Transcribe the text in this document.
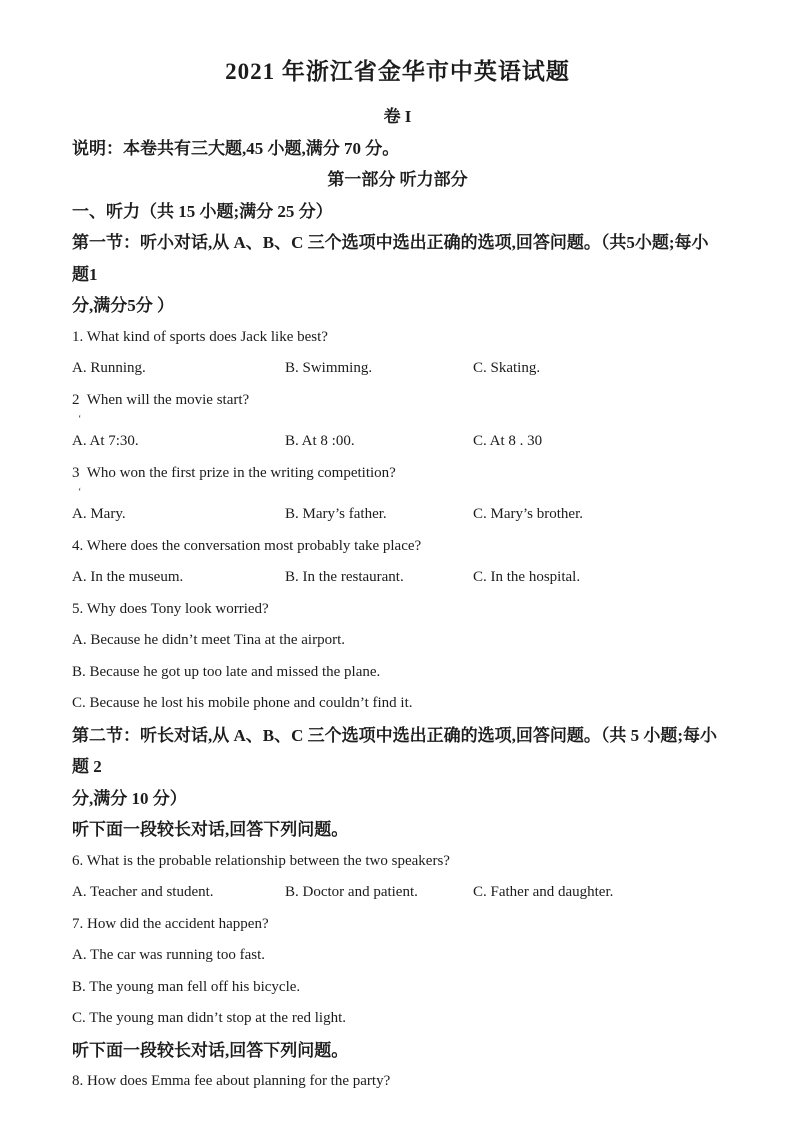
2021 年浙江省金华市中英语试题
卷 I
说明：本卷共有三大题,45 小题,满分 70 分。
第一部分 听力部分
一、听力（共 15 小题;满分 25 分）
第一节：听小对话,从 A、B、C 三个选项中选出正确的选项,回答问题。（共5小题;每小题1
分,满分5分 ）
1. What kind of sports does Jack like best?
A. Running.	B. Swimming.	C. Skating.
2  When will the movie start?
‘
A. At 7:30.	B. At 8 :00.	C. At 8 . 30
3  Who won the first prize in the writing competition?
‘
A. Mary.	B. Mary’s father.	C. Mary’s brother.
4. Where does the conversation most probably take place?
A. In the museum.	B. In the restaurant.	C. In the hospital.
5. Why does Tony look worried?
A. Because he didn’t meet Tina at the airport.
B. Because he got up too late and missed the plane.
C. Because he lost his mobile phone and couldn’t find it.
第二节：听长对话,从 A、B、C 三个选项中选出正确的选项,回答问题。（共 5 小题;每小题 2
分,满分 10 分）
听下面一段较长对话,回答下列问题。
6. What is the probable relationship between the two speakers?
A. Teacher and student.	B. Doctor and patient.	C. Father and daughter.
7. How did the accident happen?
A. The car was running too fast.
B. The young man fell off his bicycle.
C. The young man didn’t stop at the red light.
听下面一段较长对话,回答下列问题。
8. How does Emma fee about planning for the party?
